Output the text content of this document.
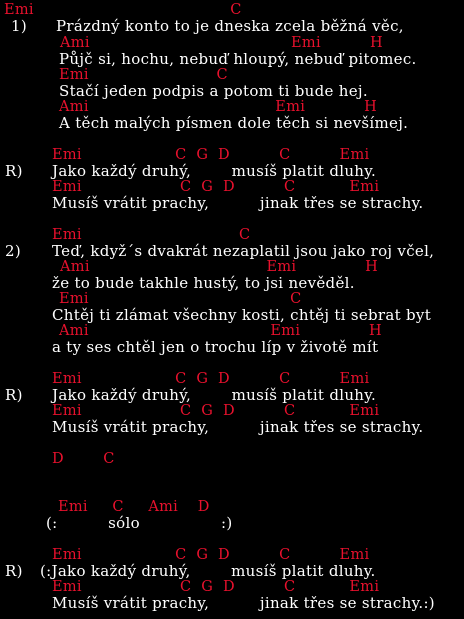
Emi                                        C
1) Prázdný konto to je dneska zcela běžná věc,
Ami                                         Emi          H
Půjč si, hochu, nebuď hloupý, nebuď pitomec.
Emi                          C
Stačí jeden podpis a potom ti bude hej.
Ami                                      Emi            H
A těch malých písmen dole těch si nevšímej.
Emi                   C  G  D          C          Emi
R) Jako každý druhý,        musíš platit dluhy.
Emi                    C  G  D          C           Emi
Musíš vrátit prachy,          jinak třes se strachy.
Emi                                C
2) Teď, když´s dvakrát nezaplatil jsou jako roj včel,
Ami                                    Emi              H
že to bude takhle hustý, to jsi nevěděl.
Emi                                         C
Chtěj ti zlámat všechny kosti, chtěj ti sebrat byt
Ami                                     Emi              H
a ty ses chtěl jen o trochu líp v životě mít
Emi                   C  G  D          C          Emi
R) Jako každý druhý,        musíš platit dluhy.
Emi                    C  G  D          C           Emi
Musíš vrátit prachy,          jinak třes se strachy.
D        C
Emi     C     Ami    D
(:          sólo                :)
Emi                   C  G  D          C          Emi
R) (:Jako každý druhý,        musíš platit dluhy.
Emi                    C  G  D          C           Emi
Musíš vrátit prachy,          jinak třes se strachy.:)
